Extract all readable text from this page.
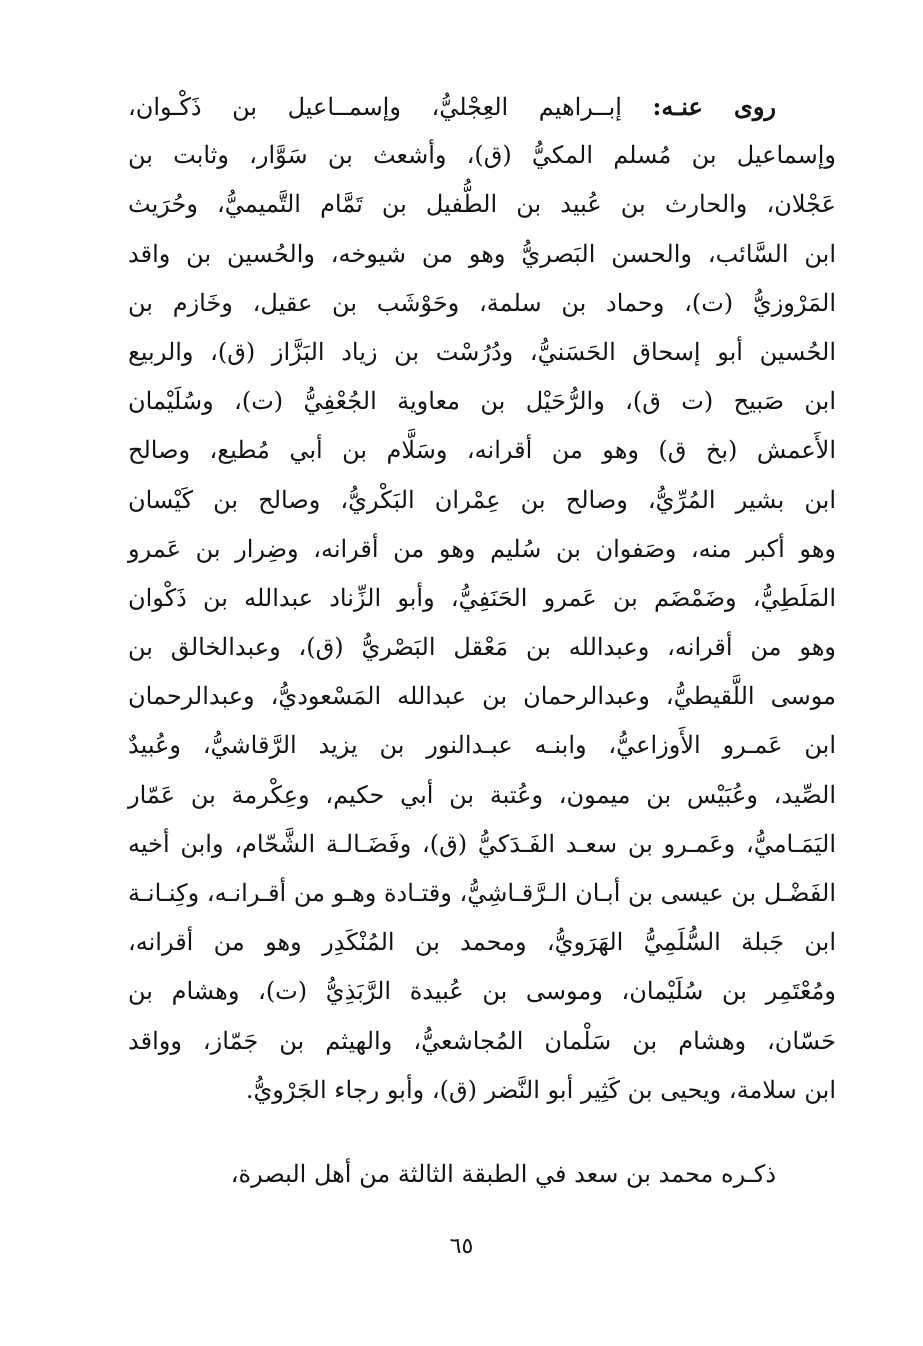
روى عنـه: إبــراهيم العِجْليُّ، وإسمــاعيل بن ذَكْـوان،
وإسماعيل بن مُسلم المكيُّ (ق)، وأشعث بن سَوَّار، وثابت بن
عَجْلان، والحارث بن عُبيد بن الطُّفيل بن تَمَّام التَّميميُّ، وحُرَيث
ابن السَّائب، والحسن البَصريُّ وهو من شيوخه، والحُسين بن واقد
المَرْوزيُّ (ت)، وحماد بن سلمة، وحَوْشَب بن عقيل، وخَازم بن
الحُسين أبو إسحاق الحَسَنيُّ، ودُرُسْت بن زياد البَزَّاز (ق)، والربيع
ابن صَبيح (ت ق)، والرُّحَيْل بن معاوية الجُعْفِيُّ (ت)، وسُلَيْمان
الأَعمش (بخ ق) وهو من أقرانه، وسَلَّام بن أبي مُطيع، وصالح
ابن بشير المُرِّيُّ، وصالح بن عِمْران البَكْريُّ، وصالح بن كَيْسان
وهو أكبر منه، وصَفوان بن سُليم وهو من أقرانه، وضِرار بن عَمرو
المَلَطِيُّ، وضَمْضَم بن عَمرو الحَنَفِيُّ، وأبو الزِّناد عبدالله بن ذَكْوان
وهو من أقرانه، وعبدالله بن مَعْقل البَصْريُّ (ق)، وعبدالخالق بن
موسى اللَّقيطيُّ، وعبدالرحمان بن عبدالله المَسْعوديُّ، وعبدالرحمان
ابن عَمـرو الأَوزاعيُّ، وابنـه عبـدالنور بن يزيد الرَّقاشيُّ، وعُبيدٌ
الصِّيد، وعُبَيْس بن ميمون، وعُتبة بن أبي حكيم، وعِكْرمة بن عَمّار
اليَمَـاميُّ، وعَمـرو بن سعـد الفَـدَكيُّ (ق)، وفَضَـالـة الشَّحّام، وابن أخيه
الفَضْـل بن عيسى بن أبـان الـرَّقـاشِيُّ، وقتـادة وهـو من أقـرانـه، وكِنـانـة
ابن جَبلة السُّلَمِيُّ الهَرَويُّ، ومحمد بن المُنْكَدِر وهو من أقرانه،
ومُعْتَمِر بن سُلَيْمان، وموسى بن عُبيدة الرَّبَذِيُّ (ت)، وهشام بن
حَسّان، وهشام بن سَلْمان المُجاشعيُّ، والهيثم بن جَمّاز، وواقد
ابن سلامة، ويحيى بن كَثِير أبو النَّضر (ق)، وأبو رجاء الجَرْويُّ.
ذكـره محمد بن سعد في الطبقة الثالثة من أهل البصرة،
٦٥
